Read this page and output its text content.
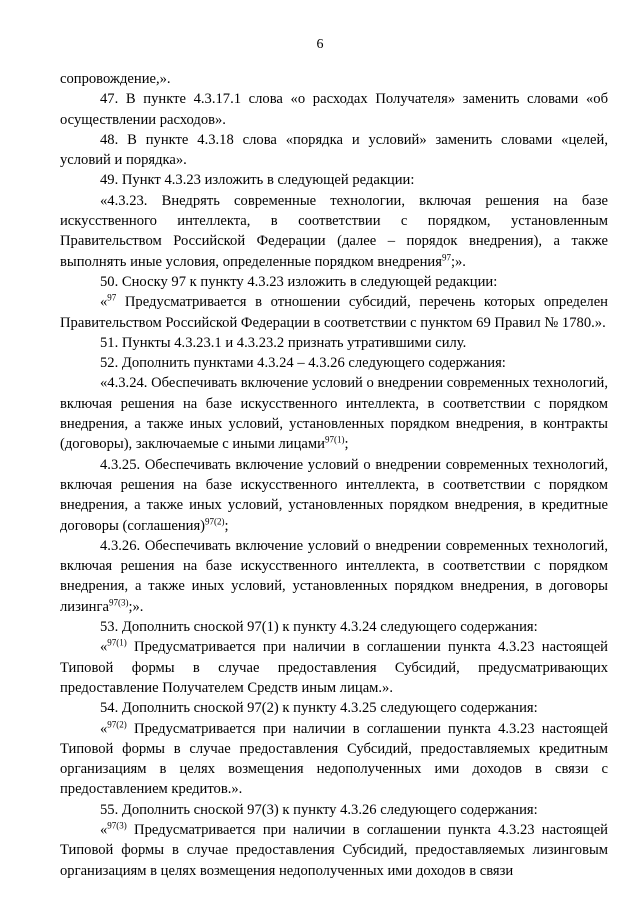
6

сопровождение,».

47. В пункте 4.3.17.1 слова «о расходах Получателя» заменить словами «об осуществлении расходов».

48. В пункте 4.3.18 слова «порядка и условий» заменить словами «целей, условий и порядка».

49. Пункт 4.3.23 изложить в следующей редакции:

«4.3.23. Внедрять современные технологии, включая решения на базе искусственного интеллекта, в соответствии с порядком, установленным Правительством Российской Федерации (далее – порядок внедрения), а также выполнять иные условия, определенные порядком внедрения$^{97}$;».

50. Сноску 97 к пункту 4.3.23 изложить в следующей редакции:

«$^{97}$ Предусматривается в отношении субсидий, перечень которых определен Правительством Российской Федерации в соответствии с пунктом 69 Правил № 1780.».

51. Пункты 4.3.23.1 и 4.3.23.2 признать утратившими силу.

52. Дополнить пунктами 4.3.24 – 4.3.26 следующего содержания:

«4.3.24. Обеспечивать включение условий о внедрении современных технологий, включая решения на базе искусственного интеллекта, в соответствии с порядком внедрения, а также иных условий, установленных порядком внедрения, в контракты (договоры), заключаемые с иными лицами$^{97(1)}$;

4.3.25. Обеспечивать включение условий о внедрении современных технологий, включая решения на базе искусственного интеллекта, в соответствии с порядком внедрения, а также иных условий, установленных порядком внедрения, в кредитные договоры (соглашения)$^{97(2)}$;

4.3.26. Обеспечивать включение условий о внедрении современных технологий, включая решения на базе искусственного интеллекта, в соответствии с порядком внедрения, а также иных условий, установленных порядком внедрения, в договоры лизинга$^{97(3)}$;».

53. Дополнить сноской 97(1) к пункту 4.3.24 следующего содержания:

«$^{97(1)}$ Предусматривается при наличии в соглашении пункта 4.3.23 настоящей Типовой формы в случае предоставления Субсидий, предусматривающих предоставление Получателем Средств иным лицам.».

54. Дополнить сноской 97(2) к пункту 4.3.25 следующего содержания:

«$^{97(2)}$ Предусматривается при наличии в соглашении пункта 4.3.23 настоящей Типовой формы в случае предоставления Субсидий, предоставляемых кредитным организациям в целях возмещения недополученных ими доходов в связи с предоставлением кредитов.».

55. Дополнить сноской 97(3) к пункту 4.3.26 следующего содержания:

«$^{97(3)}$ Предусматривается при наличии в соглашении пункта 4.3.23 настоящей Типовой формы в случае предоставления Субсидий, предоставляемых лизинговым организациям в целях возмещения недополученных ими доходов в связи
